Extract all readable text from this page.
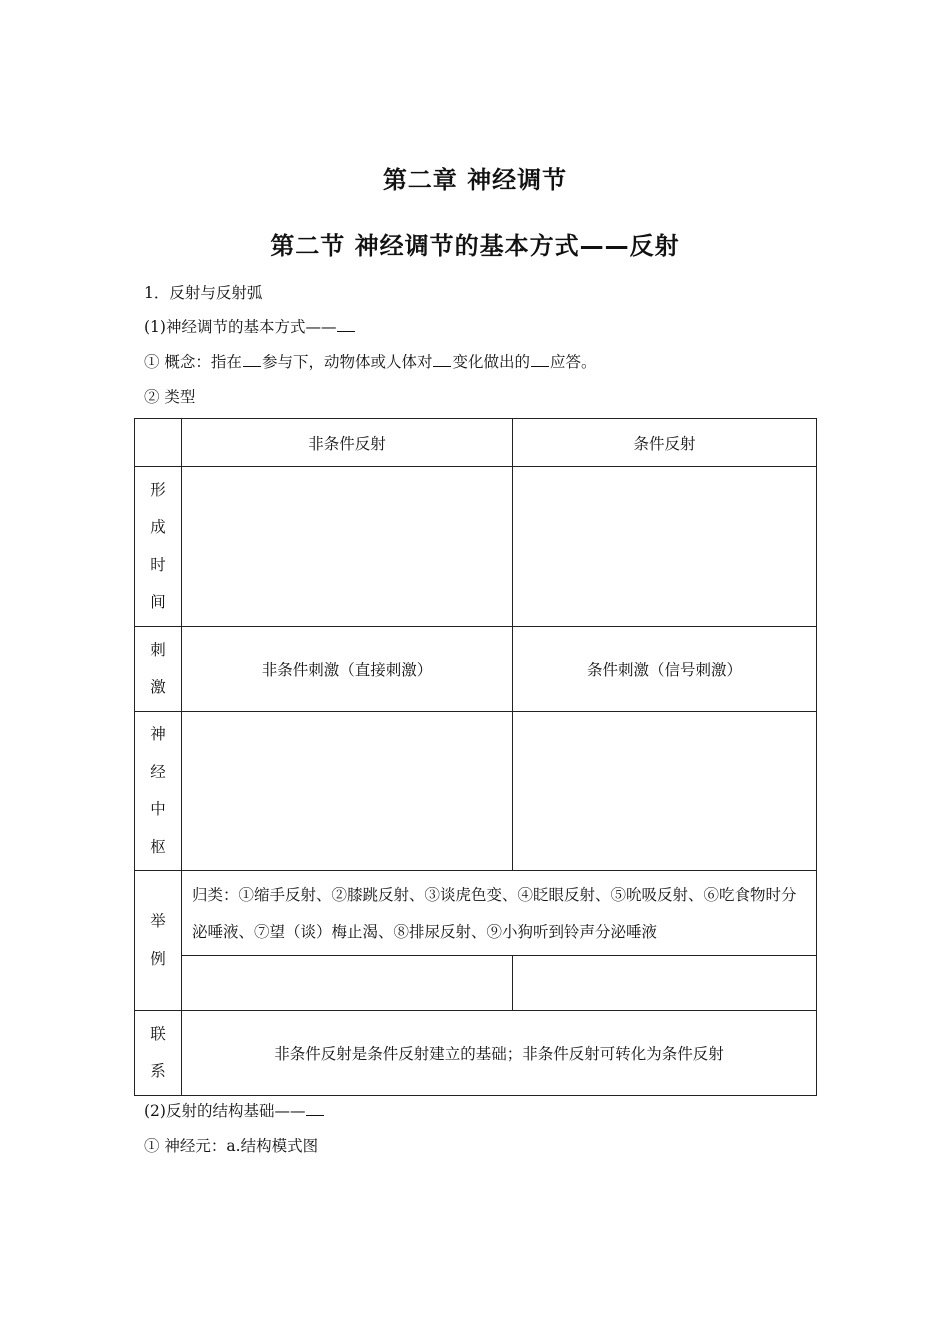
第二章 神经调节
第二节 神经调节的基本方式——反射
1．反射与反射弧
(1)神经调节的基本方式——
① 概念：指在 参与下，动物体或人体对 变化做出的 应答。
② 类型
非条件反射	条件反射
形
成
时
间
刺
激
非条件刺激（直接刺激）	条件刺激（信号刺激）
神
经
中
枢
举
例
归类：①缩手反射、②膝跳反射、③谈虎色变、④眨眼反射、⑤吮吸反射、⑥吃食物时分泌唾液、⑦望（谈）梅止渴、⑧排尿反射、⑨小狗听到铃声分泌唾液
联
系
非条件反射是条件反射建立的基础；非条件反射可转化为条件反射
(2)反射的结构基础——
① 神经元：a.结构模式图
